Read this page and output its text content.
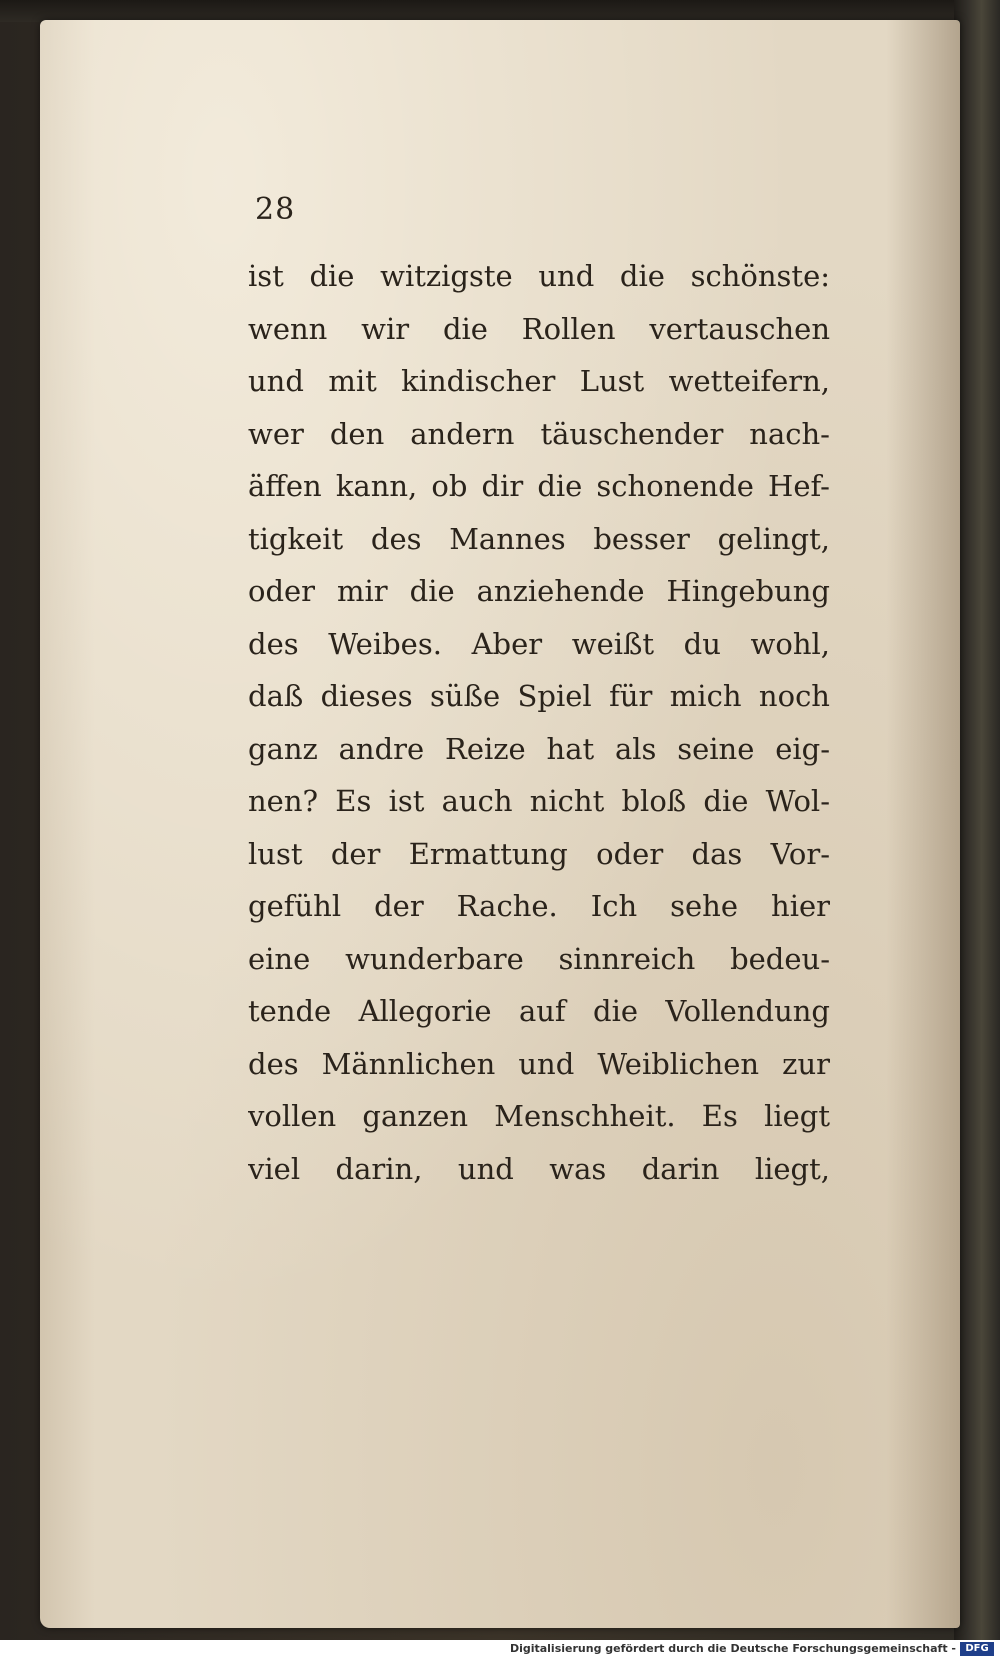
28

ist die witzigste und die schönste:
wenn wir die Rollen vertauschen
und mit kindischer Lust wetteifern,
wer den andern täuschender nach-
äffen kann, ob dir die schonende Hef-
tigkeit des Mannes besser gelingt,
oder mir die anziehende Hingebung
des Weibes. Aber weißt du wohl,
daß dieses süße Spiel für mich noch
ganz andre Reize hat als seine eig-
nen? Es ist auch nicht bloß die Wol-
lust der Ermattung oder das Vor-
gefühl der Rache. Ich sehe hier
eine wunderbare sinnreich bedeu-
tende Allegorie auf die Vollendung
des Männlichen und Weiblichen zur
vollen ganzen Menschheit. Es liegt
viel darin, und was darin liegt,
Digitalisierung gefördert durch die Deutsche Forschungsgemeinschaft - DFG
